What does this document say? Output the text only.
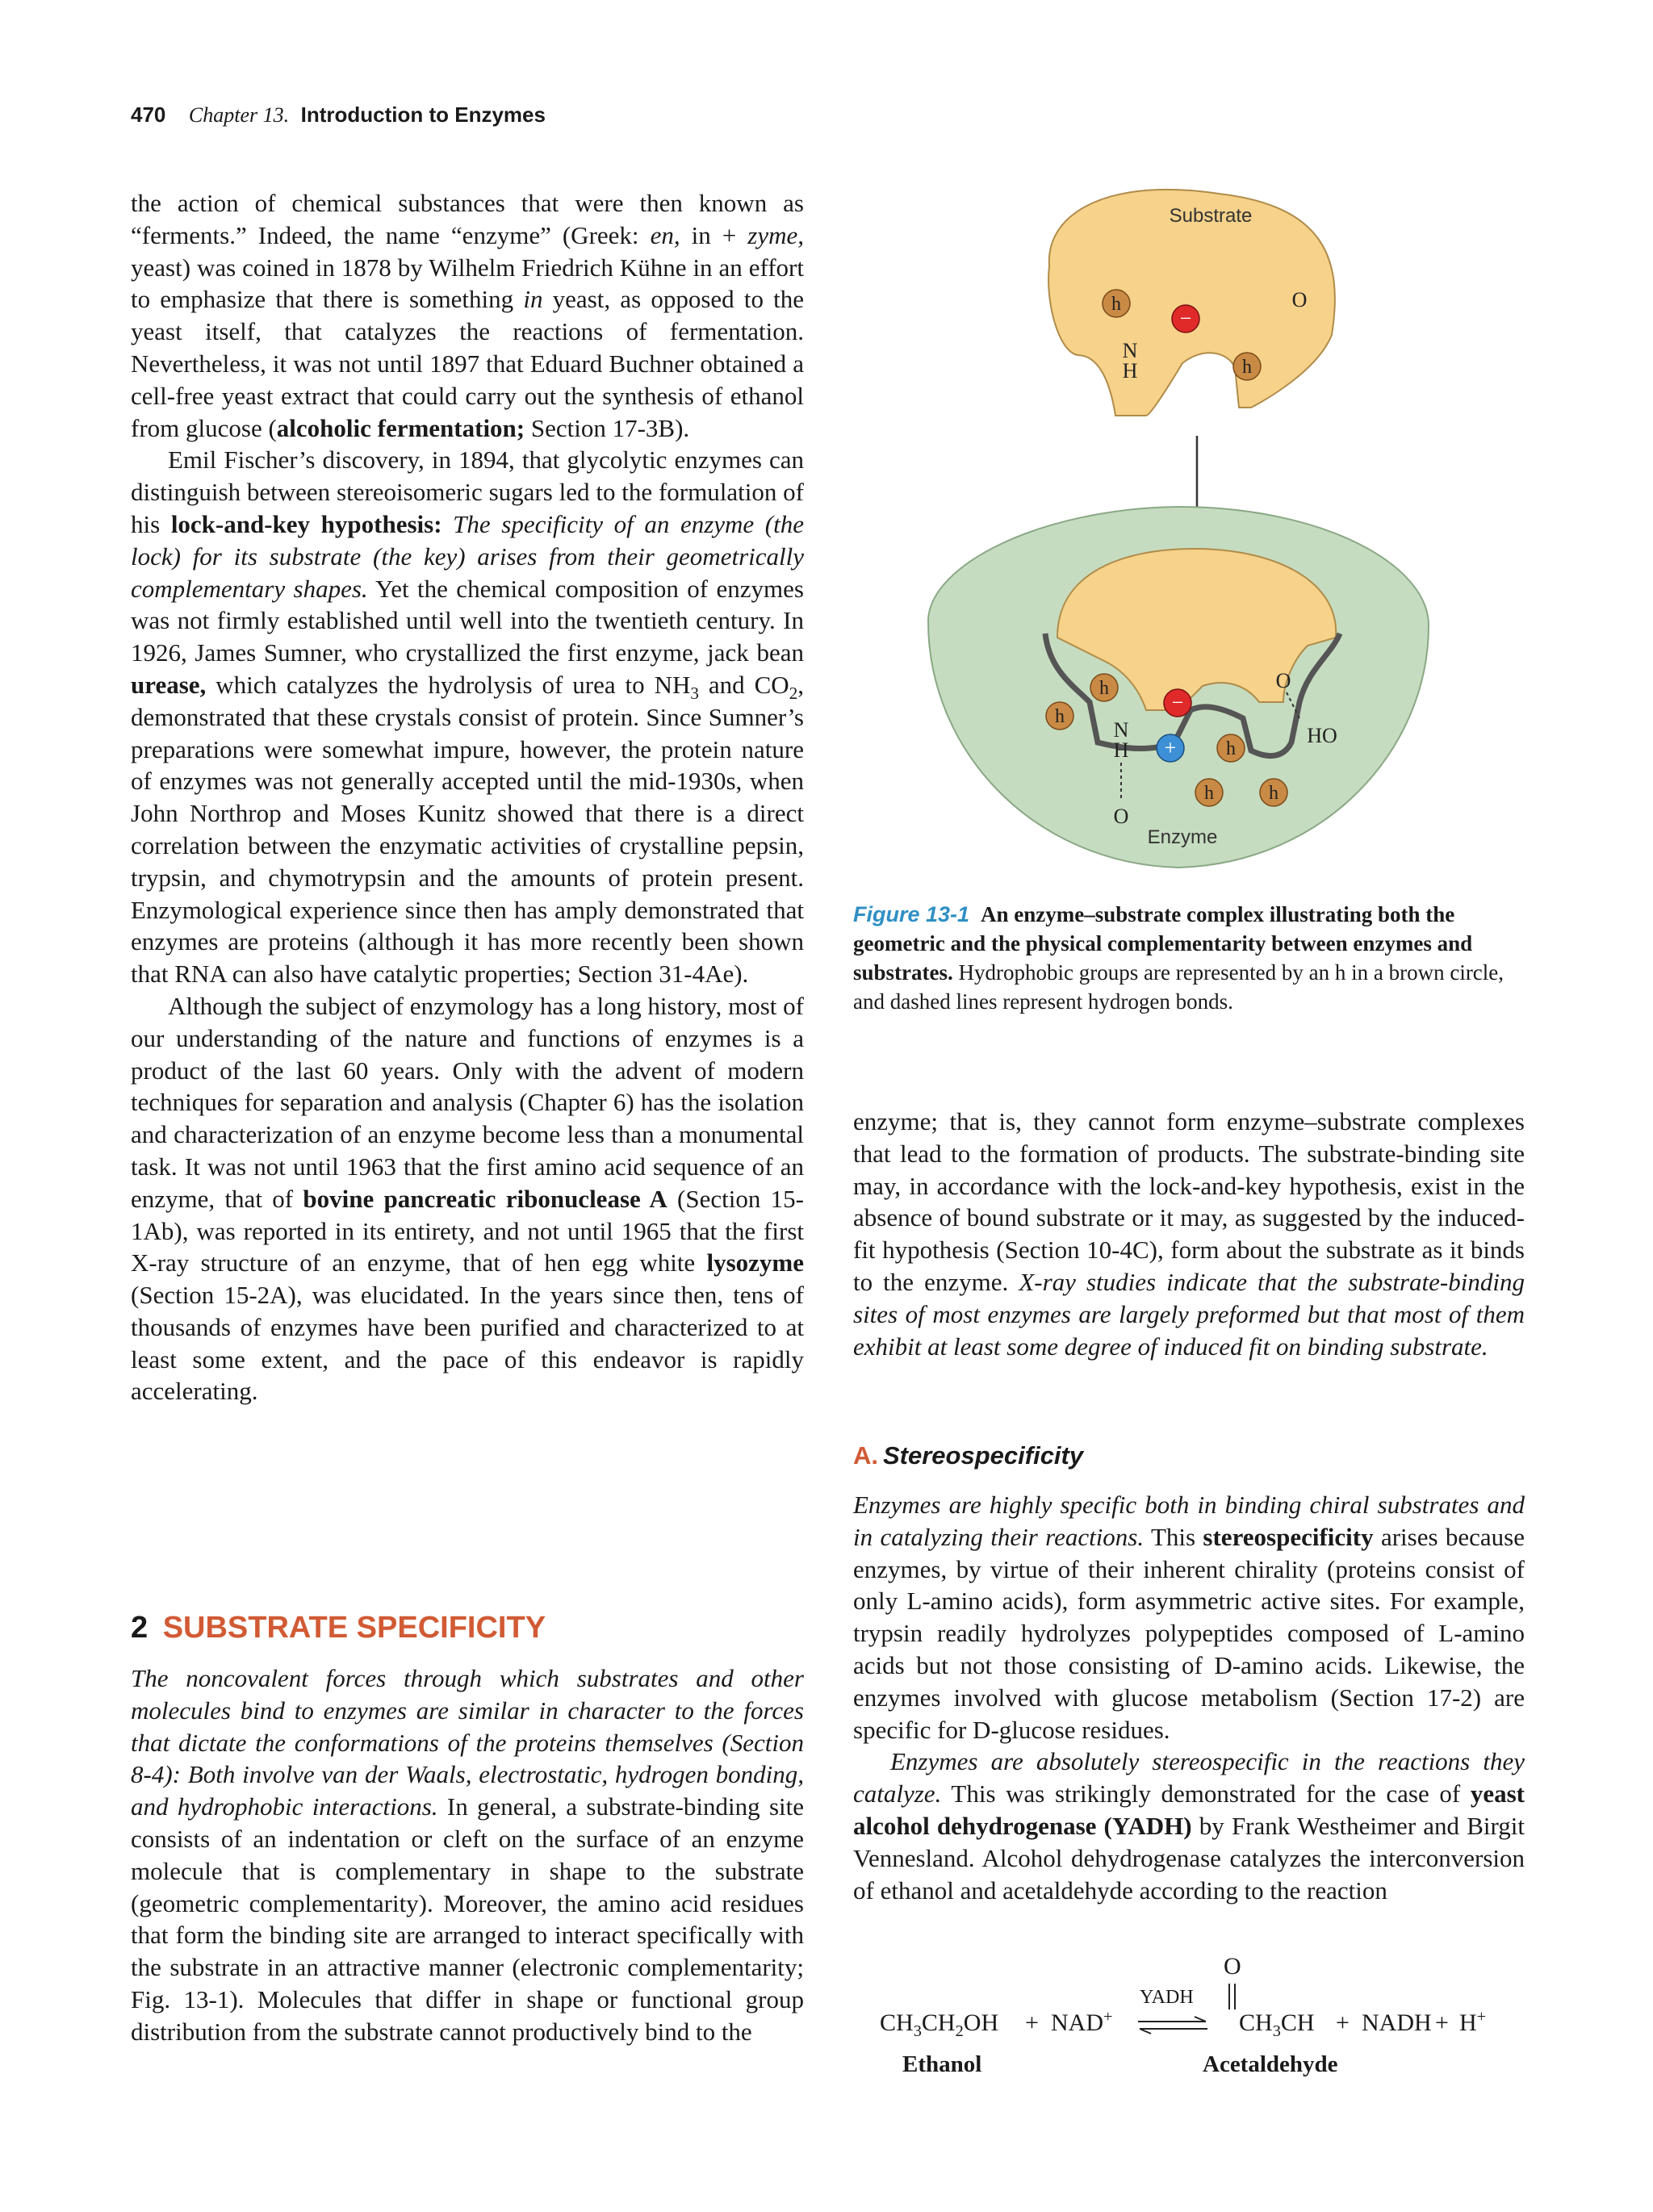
470 Chapter 13. Introduction to Enzymes

the action of chemical substances that were then known as “ferments.” Indeed, the name “enzyme” (Greek: en, in + zyme, yeast) was coined in 1878 by Wilhelm Friedrich Kühne in an effort to emphasize that there is something in yeast, as opposed to the yeast itself, that catalyzes the reactions of fermentation. Nevertheless, it was not until 1897 that Eduard Buchner obtained a cell-free yeast extract that could carry out the synthesis of ethanol from glucose (alcoholic fermentation; Section 17-3B).

Emil Fischer’s discovery, in 1894, that glycolytic enzymes can distinguish between stereoisomeric sugars led to the formulation of his lock-and-key hypothesis: The specificity of an enzyme (the lock) for its substrate (the key) arises from their geometrically complementary shapes. Yet the chemical composition of enzymes was not firmly established until well into the twentieth century. In 1926, James Sumner, who crystallized the first enzyme, jack bean urease, which catalyzes the hydrolysis of urea to $NH_3$ and $CO_2$, demonstrated that these crystals consist of protein. Since Sumner’s preparations were somewhat impure, however, the protein nature of enzymes was not generally accepted until the mid-1930s, when John Northrop and Moses Kunitz showed that there is a direct correlation between the enzymatic activities of crystalline pepsin, trypsin, and chymotrypsin and the amounts of protein present. Enzymological experience since then has amply demonstrated that enzymes are proteins (although it has more recently been shown that RNA can also have catalytic properties; Section 31-4Ae).

Although the subject of enzymology has a long history, most of our understanding of the nature and functions of enzymes is a product of the last 60 years. Only with the advent of modern techniques for separation and analysis (Chapter 6) has the isolation and characterization of an enzyme become less than a monumental task. It was not until 1963 that the first amino acid sequence of an enzyme, that of bovine pancreatic ribonuclease A (Section 15-1Ab), was reported in its entirety, and not until 1965 that the first X-ray structure of an enzyme, that of hen egg white lysozyme (Section 15-2A), was elucidated. In the years since then, tens of thousands of enzymes have been purified and characterized to at least some extent, and the pace of this endeavor is rapidly accelerating.

2 SUBSTRATE SPECIFICITY

The noncovalent forces through which substrates and other molecules bind to enzymes are similar in character to the forces that dictate the conformations of the proteins themselves (Section 8-4): Both involve van der Waals, electrostatic, hydrogen bonding, and hydrophobic interactions. In general, a substrate-binding site consists of an indentation or cleft on the surface of an enzyme molecule that is complementary in shape to the substrate (geometric complementarity). Moreover, the amino acid residues that form the binding site are arranged to interact specifically with the substrate in an attractive manner (electronic complementarity; Fig. 13-1). Molecules that differ in shape or functional group distribution from the substrate cannot productively bind to the

Substrate
h
−
O
N
H	h
h
h
−
O
HO
N
H +	h
h	h
O
Enzyme
Figure 13-1 An enzyme–substrate complex illustrating both the geometric and the physical complementarity between enzymes and substrates. Hydrophobic groups are represented by an h in a brown circle, and dashed lines represent hydrogen bonds.

enzyme; that is, they cannot form enzyme–substrate complexes that lead to the formation of products. The substrate-binding site may, in accordance with the lock-and-key hypothesis, exist in the absence of bound substrate or it may, as suggested by the induced-fit hypothesis (Section 10-4C), form about the substrate as it binds to the enzyme. X-ray studies indicate that the substrate-binding sites of most enzymes are largely preformed but that most of them exhibit at least some degree of induced fit on binding substrate.

A. Stereospecificity

Enzymes are highly specific both in binding chiral substrates and in catalyzing their reactions. This stereospecificity arises because enzymes, by virtue of their inherent chirality (proteins consist of only L-amino acids), form asymmetric active sites. For example, trypsin readily hydrolyzes polypeptides composed of L-amino acids but not those consisting of D-amino acids. Likewise, the enzymes involved with glucose metabolism (Section 17-2) are specific for D-glucose residues.

Enzymes are absolutely stereospecific in the reactions they catalyze. This was strikingly demonstrated for the case of yeast alcohol dehydrogenase (YADH) by Frank Westheimer and Birgit Vennesland. Alcohol dehydrogenase catalyzes the interconversion of ethanol and acetaldehyde according to the reaction

$CH_3CH_2OH + NAD^+$
YADH
O
$CH_3CH$ + NADH + H+
Ethanol	Acetaldehyde
